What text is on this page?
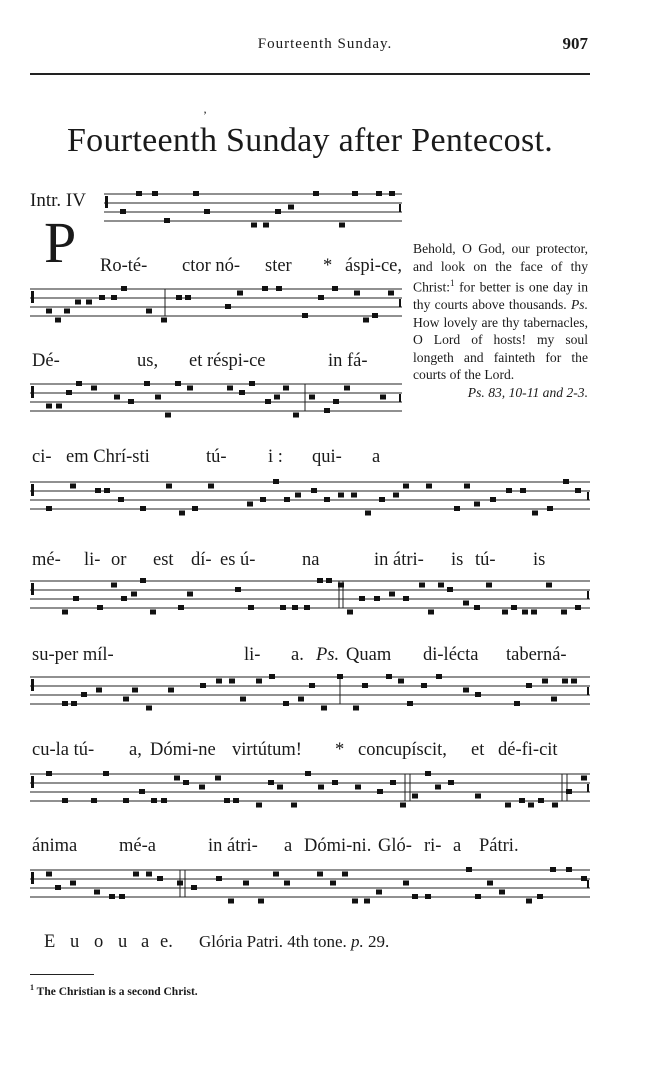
Fourteenth Sunday.	907
’
Fourteenth Sunday after Pentecost.
Intr. IV
P Ro-té- ctor nó- ster * áspi-ce,
Dé-	us, et réspi-ce	in fá-
ci- em Chrí-sti	tú- i : qui- a
mé- li- or est dí- es ú-	na	in átri- is tú- is
su-per míl-	li- a. Ps. Quam di-lécta taberná-
cu-la tú- a, Dómi-ne virtútum! * concupíscit, et dé-fi-cit
ánima mé-a	in átri- a Dómi-ni. Gló- ri- a Pátri.
E u o u a e. Glória Patri. 4th tone. p. 29.
Behold, O God, our protector, and look on the face of thy Christ:$^1$ for better is one day in thy courts above thousands. Ps. How lovely are thy tabernacles, O Lord of hosts! my soul longeth and fainteth for the courts of the Lord.
Ps. 83, 10-11 and 2-3.
$^1$ The Christian is a second Christ.
